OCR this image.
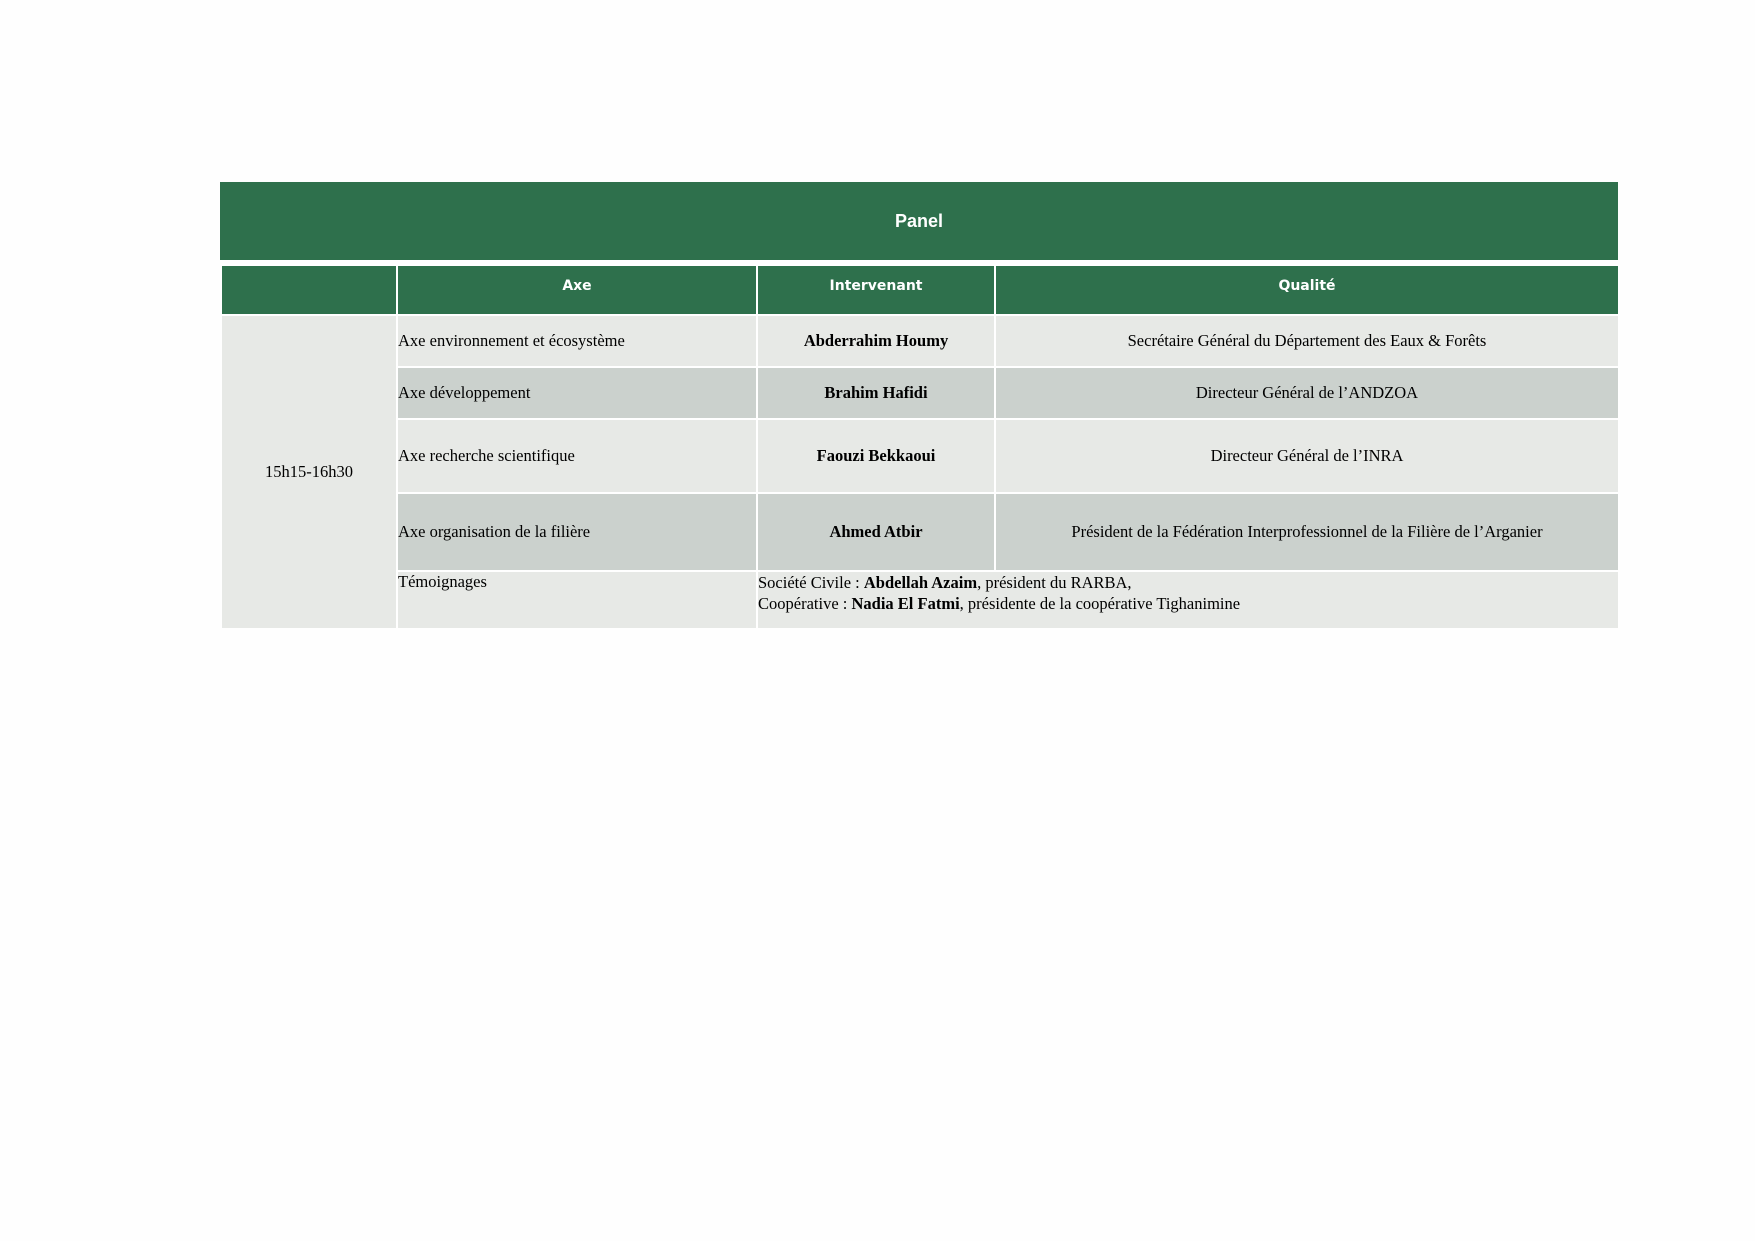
Panel
	Axe	Intervenant	Qualité
15h15-16h30	Axe environnement et écosystème	Abderrahim Houmy	Secrétaire Général du Département des Eaux & Forêts
	Axe développement	Brahim Hafidi	Directeur Général de l’ANDZOA
	Axe recherche scientifique	Faouzi Bekkaoui	Directeur Général de l’INRA
	Axe organisation de la filière	Ahmed Atbir	Président de la Fédération Interprofessionnel de la Filière de l’Arganier
	Témoignages	Société Civile : Abdellah Azaim, président du RARBA,
Coopérative : Nadia El Fatmi, présidente de la coopérative Tighanimine	
